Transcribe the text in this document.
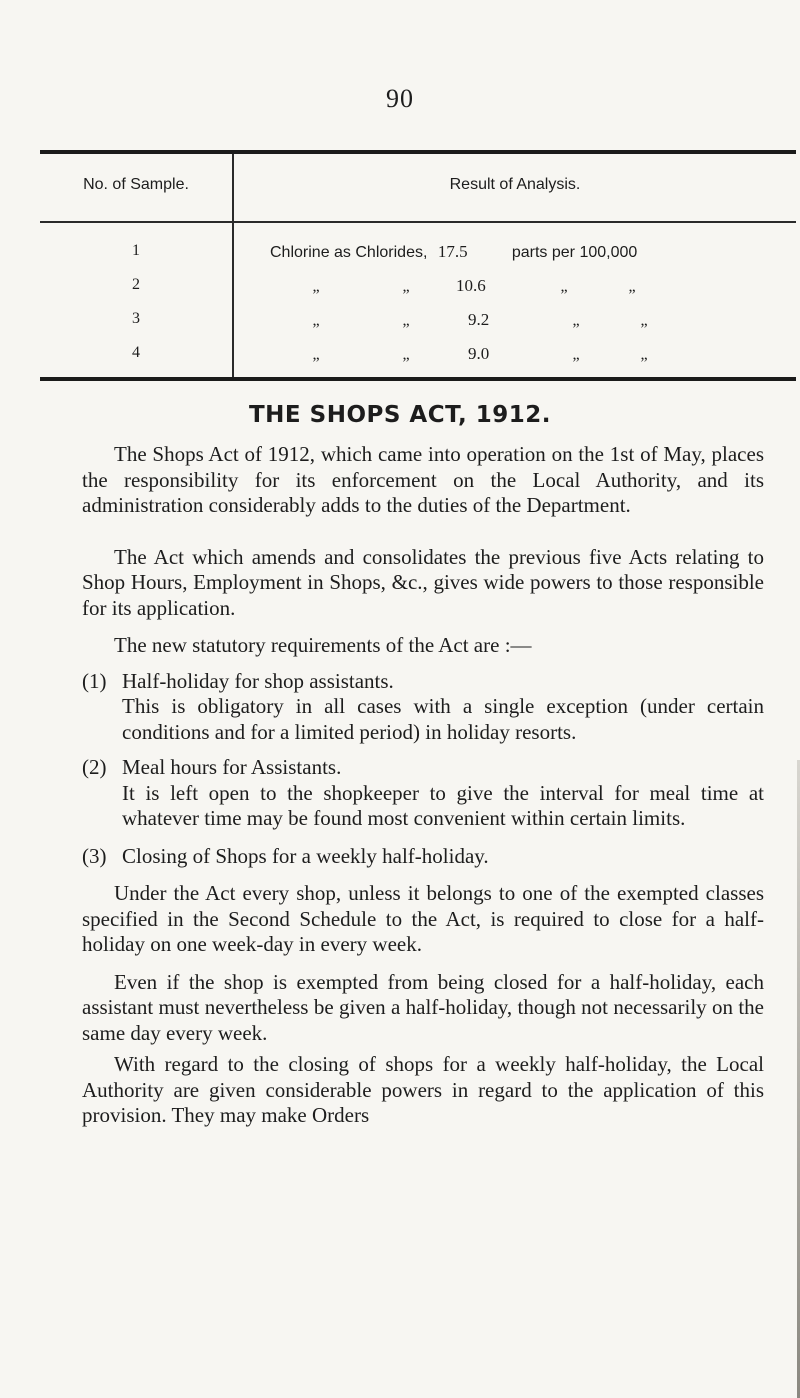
90
No. of Sample.	Result of Analysis.
1	Chlorine as Chlorides, 17.5	parts per 100,000
2	„	„	10.6	„	„
3	„	„	9.2	„	„
4	„	„	9.0	„	„
THE SHOPS ACT, 1912.

The Shops Act of 1912, which came into operation on the 1st of May, places the responsibility for its enforcement on the Local Authority, and its administration considerably adds to the duties of the Department.

The Act which amends and consolidates the previous five Acts relating to Shop Hours, Employment in Shops, &c., gives wide powers to those responsible for its application.

The new statutory requirements of the Act are :—

(1) Half-holiday for shop assistants.

This is obligatory in all cases with a single exception (under certain conditions and for a limited period) in holiday resorts.

(2) Meal hours for Assistants.

It is left open to the shopkeeper to give the interval for meal time at whatever time may be found most convenient within certain limits.

(3) Closing of Shops for a weekly half-holiday.

Under the Act every shop, unless it belongs to one of the exempted classes specified in the Second Schedule to the Act, is required to close for a half-holiday on one week-day in every week.

Even if the shop is exempted from being closed for a half-holiday, each assistant must nevertheless be given a half-holiday, though not necessarily on the same day every week.

With regard to the closing of shops for a weekly half-holiday, the Local Authority are given considerable powers in regard to the application of this provision. They may make Orders
